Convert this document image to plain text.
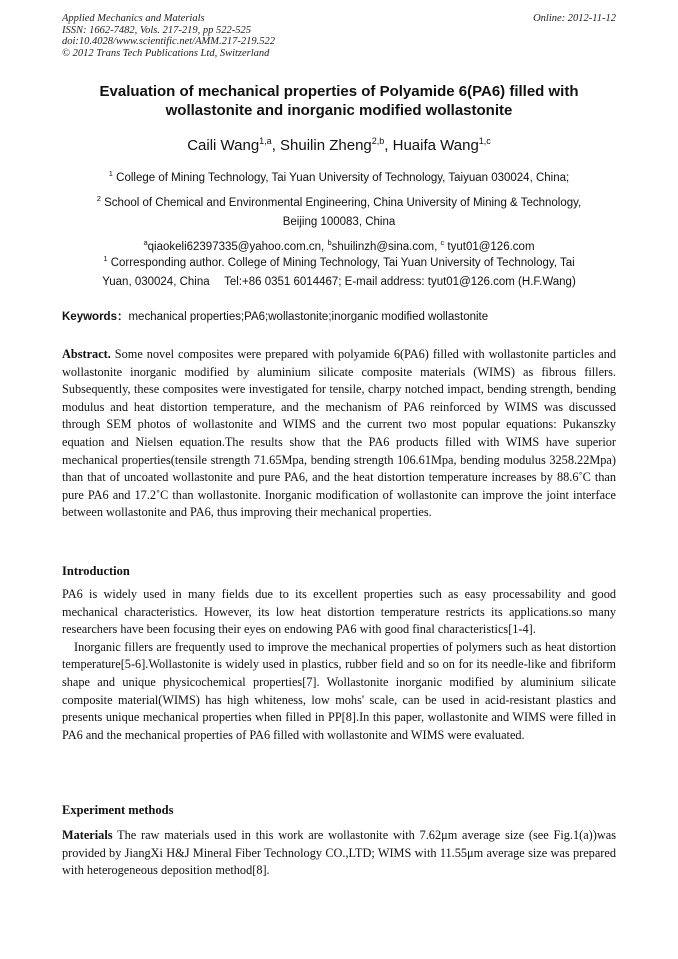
Applied Mechanics and Materials
ISSN: 1662-7482, Vols. 217-219, pp 522-525
doi:10.4028/www.scientific.net/AMM.217-219.522
© 2012 Trans Tech Publications Ltd, Switzerland
Online: 2012-11-12
Evaluation of mechanical properties of Polyamide 6(PA6) filled with
wollastonite and inorganic modified wollastonite
Caili Wang$^{1,a}$, Shuilin Zheng$^{2,b}$, Huaifa Wang$^{1,c}$
$^1$ College of Mining Technology, Tai Yuan University of Technology, Taiyuan 030024, China;
$^2$ School of Chemical and Environmental Engineering, China University of Mining & Technology,
Beijing 100083, China
$^a$qiaokeli62397335@yahoo.com.cn, $^b$shuilinzh@sina.com, $^c$ tyut01@126.com
$^1$ Corresponding author. College of Mining Technology, Tai Yuan University of Technology, Tai
Yuan, 030024, China　 Tel:+86 0351 6014467; E-mail address: tyut01@126.com (H.F.Wang)
Keywords：mechanical properties;PA6;wollastonite;inorganic modified wollastonite
Abstract. Some novel composites were prepared with polyamide 6(PA6) filled with wollastonite particles and wollastonite inorganic modified by aluminium silicate composite materials (WIMS) as fibrous fillers. Subsequently, these composites were investigated for tensile, charpy notched impact, bending strength, bending modulus and heat distortion temperature, and the mechanism of PA6 reinforced by WIMS was discussed through SEM photos of wollastonite and WIMS and the current two most popular equations: Pukanszky equation and Nielsen equation.The results show that the PA6 products filled with WIMS have superior mechanical properties(tensile strength 71.65Mpa, bending strength 106.61Mpa, bending modulus 3258.22Mpa) than that of uncoated wollastonite and pure PA6, and the heat distortion temperature increases by 88.6˚C than pure PA6 and 17.2˚C than wollastonite. Inorganic modification of wollastonite can improve the joint interface between wollastonite and PA6, thus improving their mechanical properties.
Introduction

PA6 is widely used in many fields due to its excellent properties such as easy processability and good mechanical characteristics. However, its low heat distortion temperature restricts its applications.so many researchers have been focusing their eyes on endowing PA6 with good final characteristics[1-4].

Inorganic fillers are frequently used to improve the mechanical properties of polymers such as heat distortion temperature[5-6].Wollastonite is widely used in plastics, rubber field and so on for its needle-like and fibriform shape and unique physicochemical properties[7]. Wollastonite inorganic modified by aluminium silicate composite material(WIMS) has high whiteness, low mohs' scale, can be used in acid-resistant plastics and presents unique mechanical properties when filled in PP[8].In this paper, wollastonite and WIMS were filled in PA6 and the mechanical properties of PA6 filled with wollastonite and WIMS were evaluated.

Experiment methods
Materials The raw materials used in this work are wollastonite with 7.62μm average size (see Fig.1(a))was provided by JiangXi H&J Mineral Fiber Technology CO.,LTD; WIMS with 11.55μm average size was prepared with heterogeneous deposition method[8].
